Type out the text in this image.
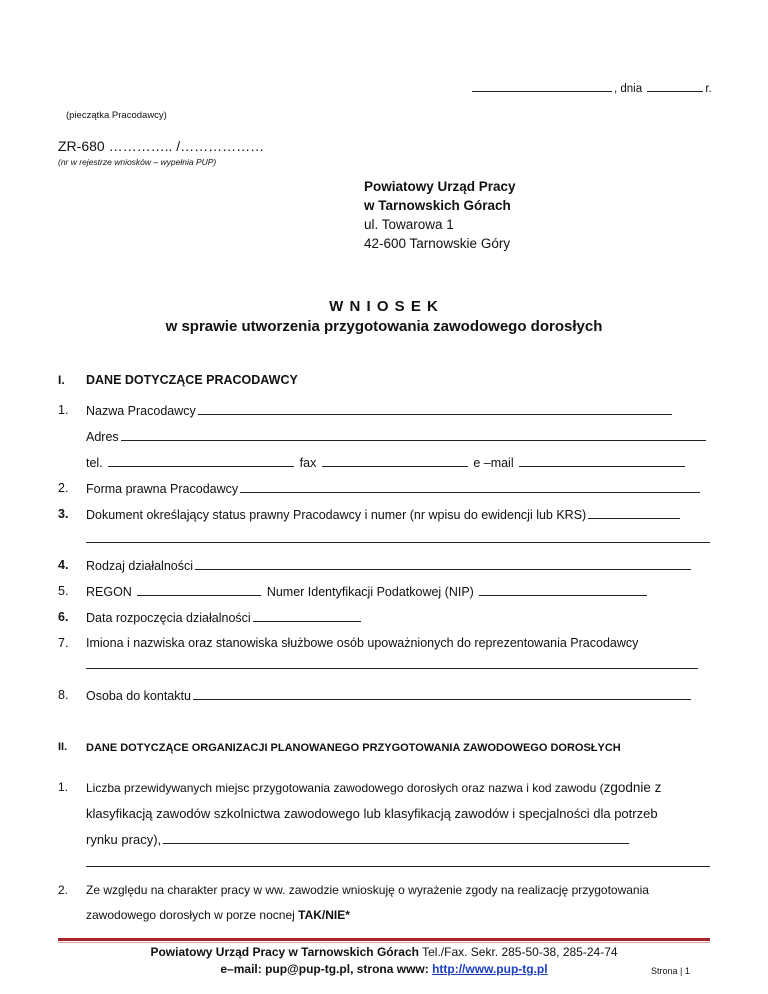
, dnia	r.
(pieczątka Pracodawcy)
ZR-680 ………….. /………………
(nr w rejestrze wniosków – wypełnia PUP)
Powiatowy Urząd Pracy
w Tarnowskich Górach
ul. Towarowa 1
42-600 Tarnowskie Góry
W N I O S E K
w sprawie utworzenia przygotowania zawodowego dorosłych
I. DANE DOTYCZĄCE PRACODAWCY
1. Nazwa Pracodawcy
Adres
tel.	fax	e –mail
2. Forma prawna Pracodawcy
3. Dokument określający status prawny Pracodawcy i numer (nr wpisu do ewidencji lub KRS)
4. Rodzaj działalności
5. REGON	Numer Identyfikacji Podatkowej (NIP)
6. Data rozpoczęcia działalności
7. Imiona i nazwiska oraz stanowiska służbowe osób upoważnionych do reprezentowania Pracodawcy
8. Osoba do kontaktu
II. DANE DOTYCZĄCE ORGANIZACJI PLANOWANEGO PRZYGOTOWANIA ZAWODOWEGO DOROSŁYCH
1. Liczba przewidywanych miejsc przygotowania zawodowego dorosłych oraz nazwa i kod zawodu (zgodnie z
klasyfikacją zawodów szkolnictwa zawodowego lub klasyfikacją zawodów i specjalności dla potrzeb
rynku pracy),
2. Ze względu na charakter pracy w ww. zawodzie wnioskuję o wyrażenie zgody na realizację przygotowania
zawodowego dorosłych w porze nocnej TAK/NIE*
Powiatowy Urząd Pracy w Tarnowskich Górach Tel./Fax. Sekr. 285-50-38, 285-24-74
e–mail: pup@pup-tg.pl, strona www: http://www.pup-tg.pl	Strona | 1
